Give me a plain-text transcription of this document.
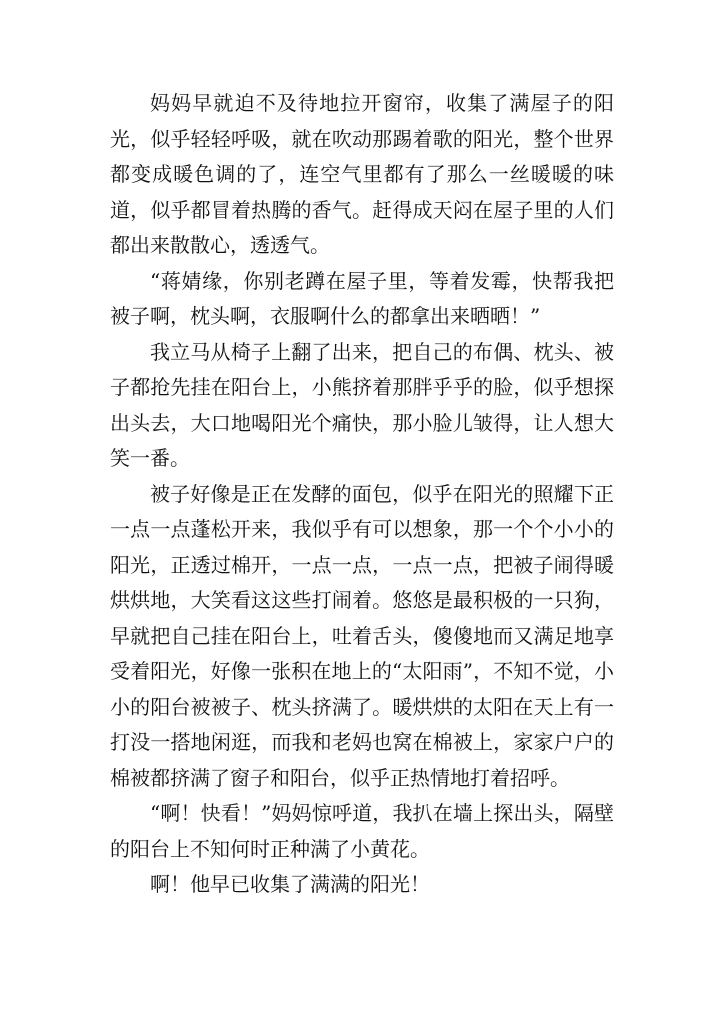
妈妈早就迫不及待地拉开窗帘，收集了满屋子的阳光，似乎轻轻呼吸，就在吹动那踢着歌的阳光，整个世界都变成暖色调的了，连空气里都有了那么一丝暖暖的味道，似乎都冒着热腾的香气。赶得成天闷在屋子里的人们都出来散散心，透透气。

“蒋婧缘，你别老蹲在屋子里，等着发霉，快帮我把被子啊，枕头啊，衣服啊什么的都拿出来晒晒！”

我立马从椅子上翻了出来，把自己的布偶、枕头、被子都抢先挂在阳台上，小熊挤着那胖乎乎的脸，似乎想探出头去，大口地喝阳光个痛快，那小脸儿皱得，让人想大笑一番。

被子好像是正在发酵的面包，似乎在阳光的照耀下正一点一点蓬松开来，我似乎有可以想象，那一个个小小的阳光，正透过棉开，一点一点，一点一点，把被子闹得暖烘烘地，大笑看这这些打闹着。悠悠是最积极的一只狗，早就把自己挂在阳台上，吐着舌头，傻傻地而又满足地享受着阳光，好像一张积在地上的“太阳雨”，不知不觉，小小的阳台被被子、枕头挤满了。暖烘烘的太阳在天上有一打没一搭地闲逛，而我和老妈也窝在棉被上，家家户户的棉被都挤满了窗子和阳台，似乎正热情地打着招呼。

“啊！快看！”妈妈惊呼道，我扒在墙上探出头，隔壁的阳台上不知何时正种满了小黄花。

啊！他早已收集了满满的阳光！
